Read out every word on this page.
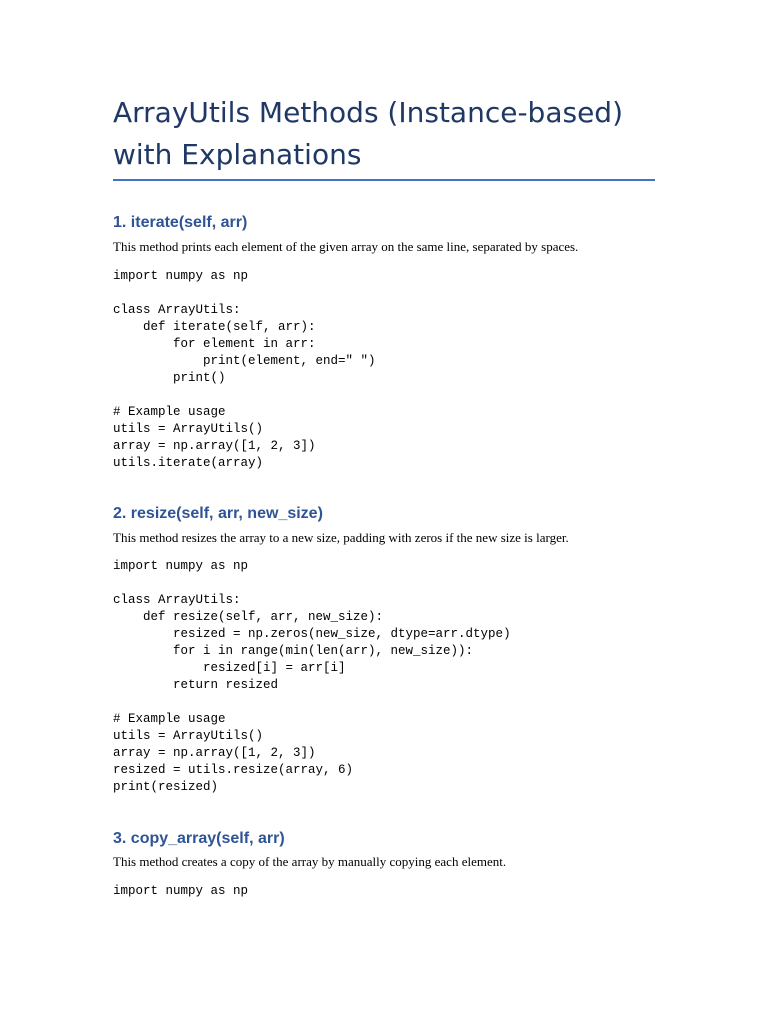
ArrayUtils Methods (Instance-based)
with Explanations
1. iterate(self, arr)

This method prints each element of the given array on the same line, separated by spaces.

import numpy as np
class ArrayUtils:
def iterate(self, arr):
for element in arr:
print(element, end=" ")
print()
# Example usage
utils = ArrayUtils()
array = np.array([1, 2, 3])
utils.iterate(array)
2. resize(self, arr, new_size)

This method resizes the array to a new size, padding with zeros if the new size is larger.

import numpy as np
class ArrayUtils:
def resize(self, arr, new_size):
resized = np.zeros(new_size, dtype=arr.dtype)
for i in range(min(len(arr), new_size)):
resized[i] = arr[i]
return resized
# Example usage
utils = ArrayUtils()
array = np.array([1, 2, 3])
resized = utils.resize(array, 6)
print(resized)
3. copy_array(self, arr)

This method creates a copy of the array by manually copying each element.

import numpy as np
